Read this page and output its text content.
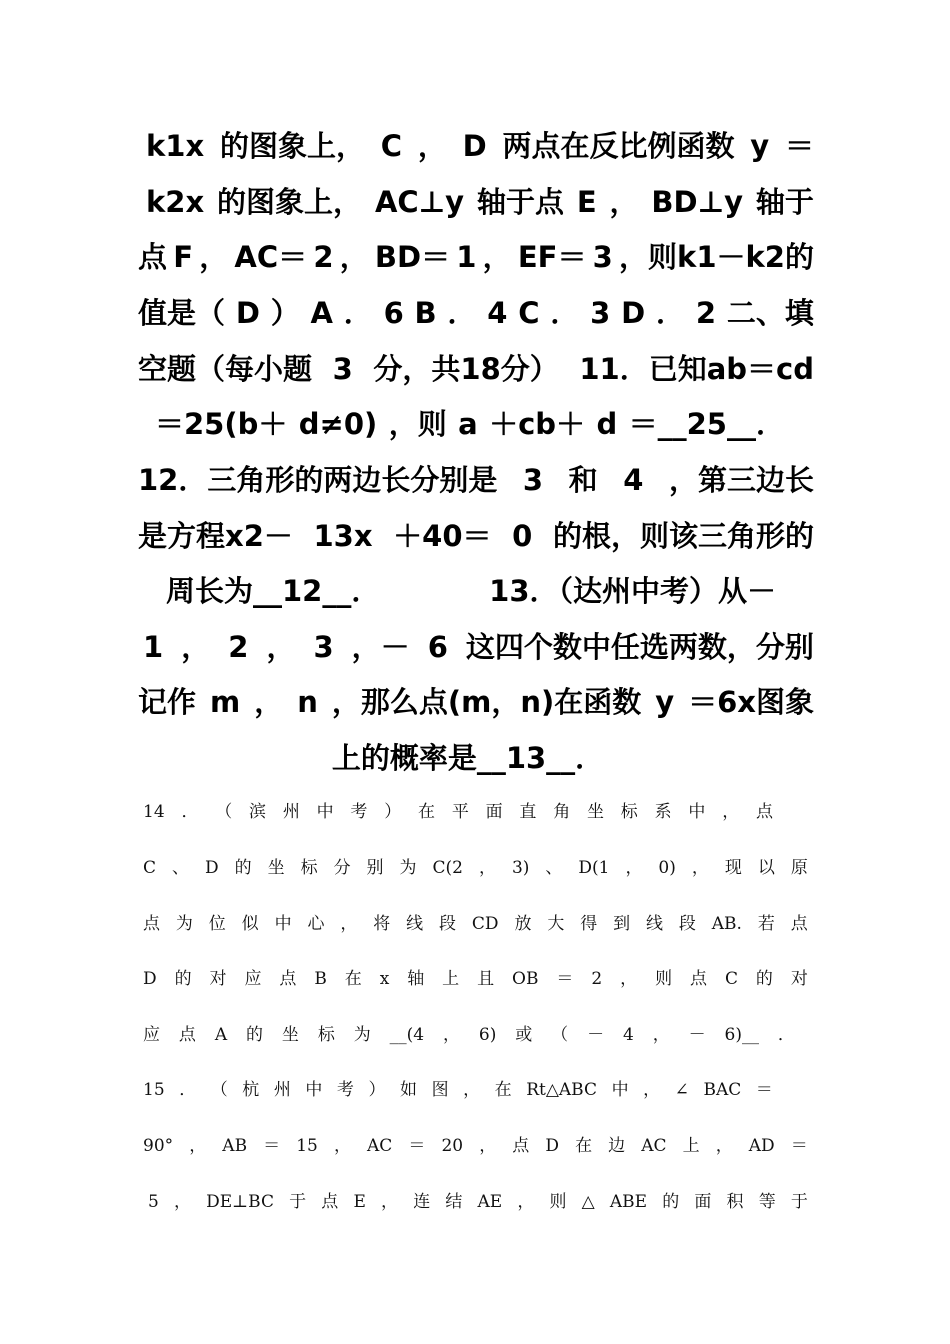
k1x 的图象上， C ， D 两点在反比例函数 y ＝
k2x 的图象上， AC⊥y 轴于点 E ， BD⊥y 轴于
点 F ， AC＝ 2 ， BD＝ 1 ， EF＝ 3 ，则k1－k2的
值是（ D ） A ． 6 B ． 4 C ． 3 D ． 2 二、填
空题（每小题 3 分，共18分） 11．已知ab＝cd
＝25(b＋ d≠0) ，则 a ＋cb＋ d ＝__25__．
12．三角形的两边长分别是 3 和 4 ，第三边长
是方程x2－ 13x ＋40＝ 0 的根，则该三角形的
周长为__12__．	13．（达州中考）从－
1 ， 2 ， 3 ，－ 6 这四个数中任选两数，分别
记作 m ， n ，那么点(m，n)在函数 y ＝6x图象
上的概率是__13__．
14 ． （ 滨 州 中 考 ） 在 平 面 直 角 坐 标 系 中 ， 点
C 、 D 的 坐 标 分 别 为 C(2 ， 3) 、 D(1 ， 0) ， 现 以 原
点 为 位 似 中 心 ， 将 线 段 CD 放 大 得 到 线 段 AB. 若 点
D 的 对 应 点 B 在 x 轴 上 且 OB ＝ 2 ， 则 点 C 的 对
应 点 A 的 坐 标 为 __(4 ， 6) 或 （ － 4 ， － 6)__ ．
15 ． （ 杭 州 中 考 ） 如 图 ， 在 Rt△ABC 中 ， ∠ BAC ＝
90° ， AB ＝ 15 ， AC ＝ 20 ， 点 D 在 边 AC 上 ， AD ＝
5 ， DE⊥BC 于 点 E ， 连 结 AE ， 则 △ ABE 的 面 积 等 于
